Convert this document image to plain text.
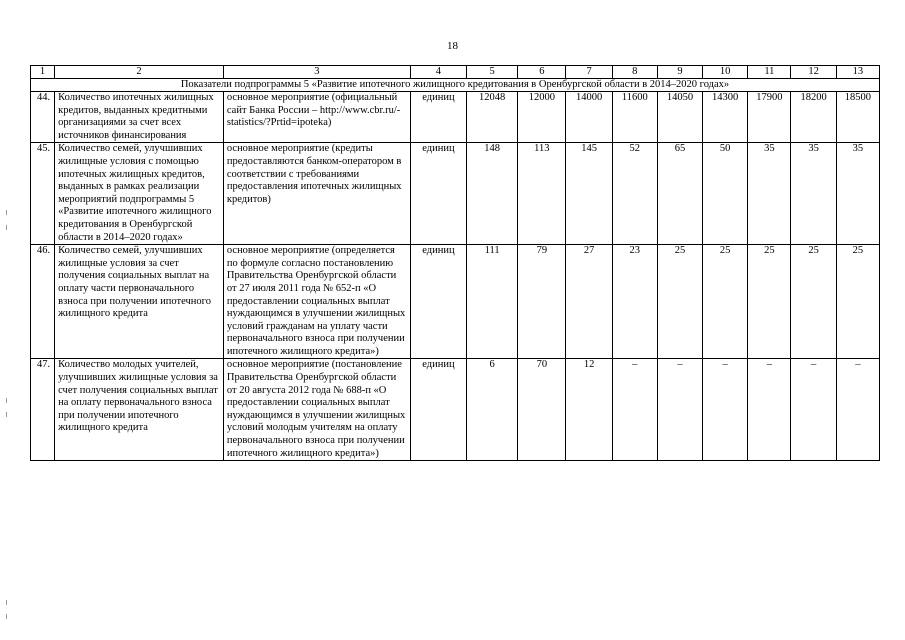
18
1	2	3	4	5	6	7	8	9	10	11	12	13
Показатели подпрограммы 5 «Развитие ипотечного жилищного кредитования в Оренбургской области в 2014–2020 годах»												
44.	Количество ипотечных жилищных кредитов, выданных кредитными организациями за счет всех источников финансирования	основное мероприятие (официальный сайт Банка России – http://www.cbr.ru/-statistics/?Prtid=ipoteka)	единиц	12048	12000	14000	11600	14050	14300	17900	18200	18500
45.	Количество семей, улучшивших жилищные условия с помощью ипотечных жилищных кредитов, выданных в рамках реализации мероприятий подпрограммы 5 «Развитие ипотечного жилищного кредитования в Оренбургской области в 2014–2020 годах»	основное мероприятие (кредиты предоставляются банком-оператором в соответствии с требованиями предоставления ипотечных жилищных кредитов)	единиц	148	113	145	52	65	50	35	35	35
46.	Количество семей, улучшивших жилищные условия за счет получения социальных выплат на оплату части первоначального взноса при получении ипотечного жилищного кредита	основное мероприятие (определяется по формуле согласно постановлению Правительства Оренбургской области от 27 июля 2011 года № 652-п «О предоставлении социальных выплат нуждающимся в улучшении жилищных условий гражданам на уплату части первоначального взноса при получении ипотечного жилищного кредита»)	единиц	111	79	27	23	25	25	25	25	25
47.	Количество молодых учителей, улучшивших жилищные условия за счет получения социальных выплат на оплату первоначального взноса при получении ипотечного жилищного кредита	основное мероприятие (постановление Правительства Оренбургской области от 20 августа 2012 года № 688-п «О предоставлении социальных выплат нуждающимся в улучшении жилищных условий молодым учителям на оплату первоначального взноса при получении ипотечного жилищного кредита»)	единиц	6	70	12	–	–	–	–	–	–
